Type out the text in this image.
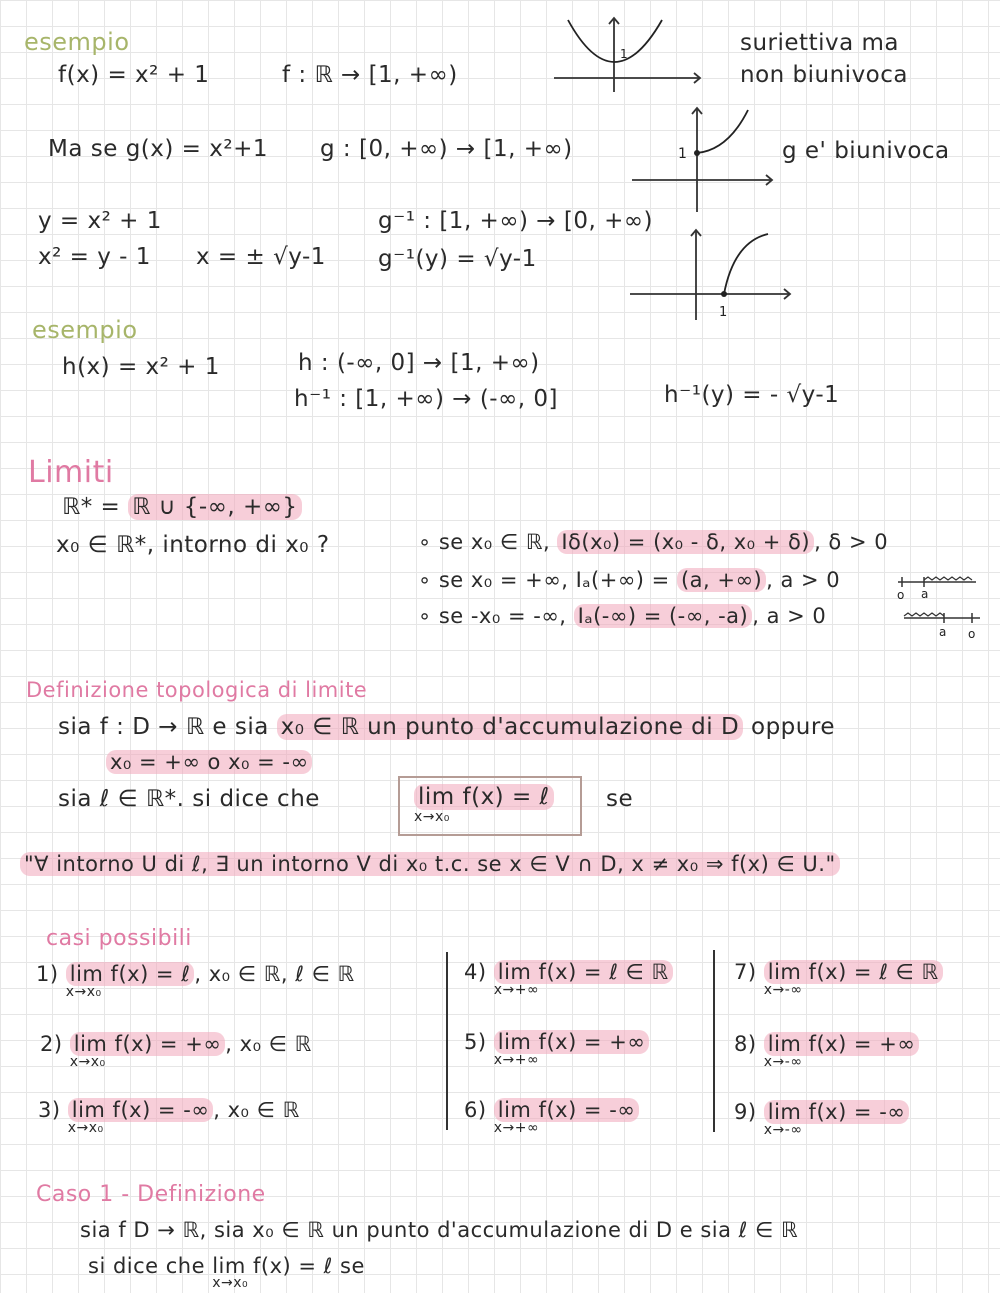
esempio
f(x) = x² + 1	f : ℝ → [1, +∞)
1	suriettiva ma
non biunivoca
Ma se g(x) = x²+1 g : [0, +∞) → [1, +∞)	1	g e' biunivoca
y = x² + 1
x² = y - 1 x = ± √y-1
g⁻¹ : [1, +∞) → [0, +∞)
g⁻¹(y) = √y-1
1
esempio
h(x) = x² + 1	h : (-∞, 0] → [1, +∞)
h⁻¹ : [1, +∞) → (-∞, 0]	h⁻¹(y) = - √y-1
Limiti
ℝ* = ℝ ∪ {-∞, +∞}
x₀ ∈ ℝ*, intorno di x₀ ?	∘ se x₀ ∈ ℝ, Iδ(x₀) = (x₀ - δ, x₀ + δ) , δ > 0
∘ se x₀ = +∞, Iₐ(+∞) = (a, +∞) , a > 0
∘ se -x₀ = -∞, Iₐ(-∞) = (-∞, -a) , a > 0
o a
a o
Definizione topologica di limite
sia f : D → ℝ e sia x₀ ∈ ℝ un punto d'accumulazione di D oppure
x₀ = +∞ o x₀ = -∞
sia ℓ ∈ ℝ*. si dice che	lim f(x) = ℓ
x→x₀
se
"∀ intorno U di ℓ, ∃ un intorno V di x₀ t.c. se x ∈ V ∩ D, x ≠ x₀ ⇒ f(x) ∈ U."
casi possibili
1) lim f(x) = ℓ
x→x₀
, x₀ ∈ ℝ, ℓ ∈ ℝ
2) lim f(x) = +∞
x→x₀
, x₀ ∈ ℝ
3) lim f(x) = -∞
x→x₀
, x₀ ∈ ℝ
4) lim f(x) = ℓ ∈ ℝ
x→+∞
5) lim f(x) = +∞
x→+∞
6) lim f(x) = -∞
x→+∞
7) lim f(x) = ℓ ∈ ℝ
x→-∞
8) lim f(x) = +∞
x→-∞
9) lim f(x) = -∞
x→-∞
Caso 1 - Definizione
sia f D → ℝ, sia x₀ ∈ ℝ un punto d'accumulazione di D e sia ℓ ∈ ℝ
si dice che lim f(x) = ℓ
x→x₀
se
